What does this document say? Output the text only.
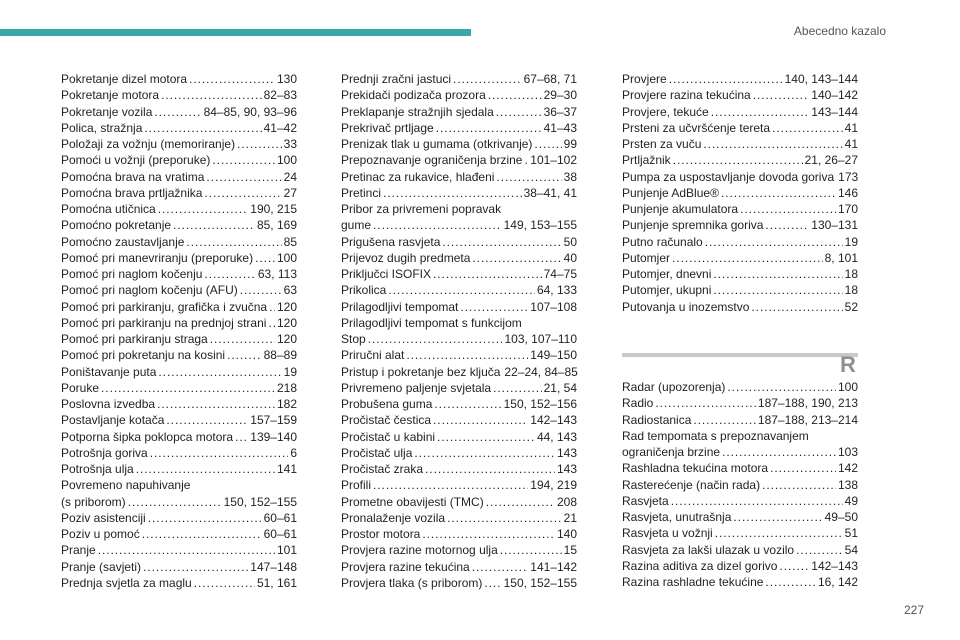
Abecedno kazalo
Pokretanje dizel motora . . .	130
Pokretanje motora . . .	82–83
Pokretanje vozila . . .	84–85, 90, 93–96
Polica, stražnja . . .	41–42
Položaji za vožnju (memoriranje) . . .	33
Pomoći u vožnji (preporuke) . . .	100
Pomoćna brava na vratima . . .	24
Pomoćna brava prtljažnika . . .	27
Pomoćna utičnica . . .	190, 215
Pomoćno pokretanje . . .	85, 169
Pomoćno zaustavljanje . . .	85
Pomoć pri manevriranju (preporuke) . . . 100
Pomoć pri naglom kočenju . . .	63, 113
Pomoć pri naglom kočenju (AFU) . . .	63
Pomoć pri parkiranju, grafička i zvučna . . . 120
Pomoć pri parkiranju na prednjoj strani . . . 120
Pomoć pri parkiranju straga . . .	120
Pomoć pri pokretanju na kosini . . .	88–89
Poništavanje puta . . .	19
Poruke . . .	218
Poslovna izvedba . . .	182
Postavljanje kotača . . .	157–159
Potporna šipka poklopca motora . . . 139–140
Potrošnja goriva . . .	6
Potrošnja ulja . . .	141
Povremeno napuhivanje
(s priborom) . . .	150, 152–155
Poziv asistenciji . . .	60–61
Poziv u pomoć . . .	60–61
Pranje . . .	101
Pranje (savjeti) . . .	147–148
Prednja svjetla za maglu . . .	51, 161
Prednji zračni jastuci . . .	67–68, 71
Prekidači podizača prozora . . .	29–30
Preklapanje stražnjih sjedala . . .	36–37
Prekrivač prtljage . . .	41–43
Prenizak tlak u gumama (otkrivanje) . . .	99
Prepoznavanje ograničenja brzine . . . 101–102
Pretinac za rukavice, hlađeni . . .	38
Pretinci . . .	38–41, 41
Pribor za privremeni popravak
gume . . .	149, 153–155
Prigušena rasvjeta . . .	50
Prijevoz dugih predmeta . . .	40
Priključci ISOFIX . . .	74–75
Prikolica . . .	64, 133
Prilagodljivi tempomat . . .	107–108
Prilagodljivi tempomat s funkcijom
Stop . . .	103, 107–110
Priručni alat . . .	149–150
Pristup i pokretanje bez ključa 22–24, 84–85
Privremeno paljenje svjetala . . .	21, 54
Probušena guma . . .	150, 152–156
Pročistač čestica . . .	142–143
Pročistač u kabini . . .	44, 143
Pročistač ulja . . .	143
Pročistač zraka . . .	143
Profili . . .	194, 219
Prometne obavijesti (TMC) . . .	208
Pronalaženje vozila . . .	21
Prostor motora . . .	140
Provjera razine motornog ulja . . .	15
Provjera razine tekućina . . .	141–142
Provjera tlaka (s priborom) . . . 150, 152–155
Provjere . . .	140, 143–144
Provjere razina tekućina . . .	140–142
Provjere, tekuće . . .	143–144
Prsteni za učvršćenje tereta . . .	41
Prsten za vuču . . .	41
Prtljažnik . . .	21, 26–27
Pumpa za uspostavljanje dovoda goriva 173
Punjenje AdBlue® . . .	146
Punjenje akumulatora . . .	170
Punjenje spremnika goriva . . .	130–131
Putno računalo . . .	19
Putomjer . . .	8, 101
Putomjer, dnevni . . .	18
Putomjer, ukupni . . .	18
Putovanja u inozemstvo . . .	52
R
Radar (upozorenja) . . .	100
Radio . . .	187–188, 190, 213
Radiostanica . . .	187–188, 213–214
Rad tempomata s prepoznavanjem
ograničenja brzine . . .	103
Rashladna tekućina motora . . .	142
Rasterećenje (način rada) . . .	138
Rasvjeta . . .	49
Rasvjeta, unutrašnja . . .	49–50
Rasvjeta u vožnji . . .	51
Rasvjeta za lakši ulazak u vozilo . . .	54
Razina aditiva za dizel gorivo . . .	142–143
Razina rashladne tekućine . . .	16, 142
227
